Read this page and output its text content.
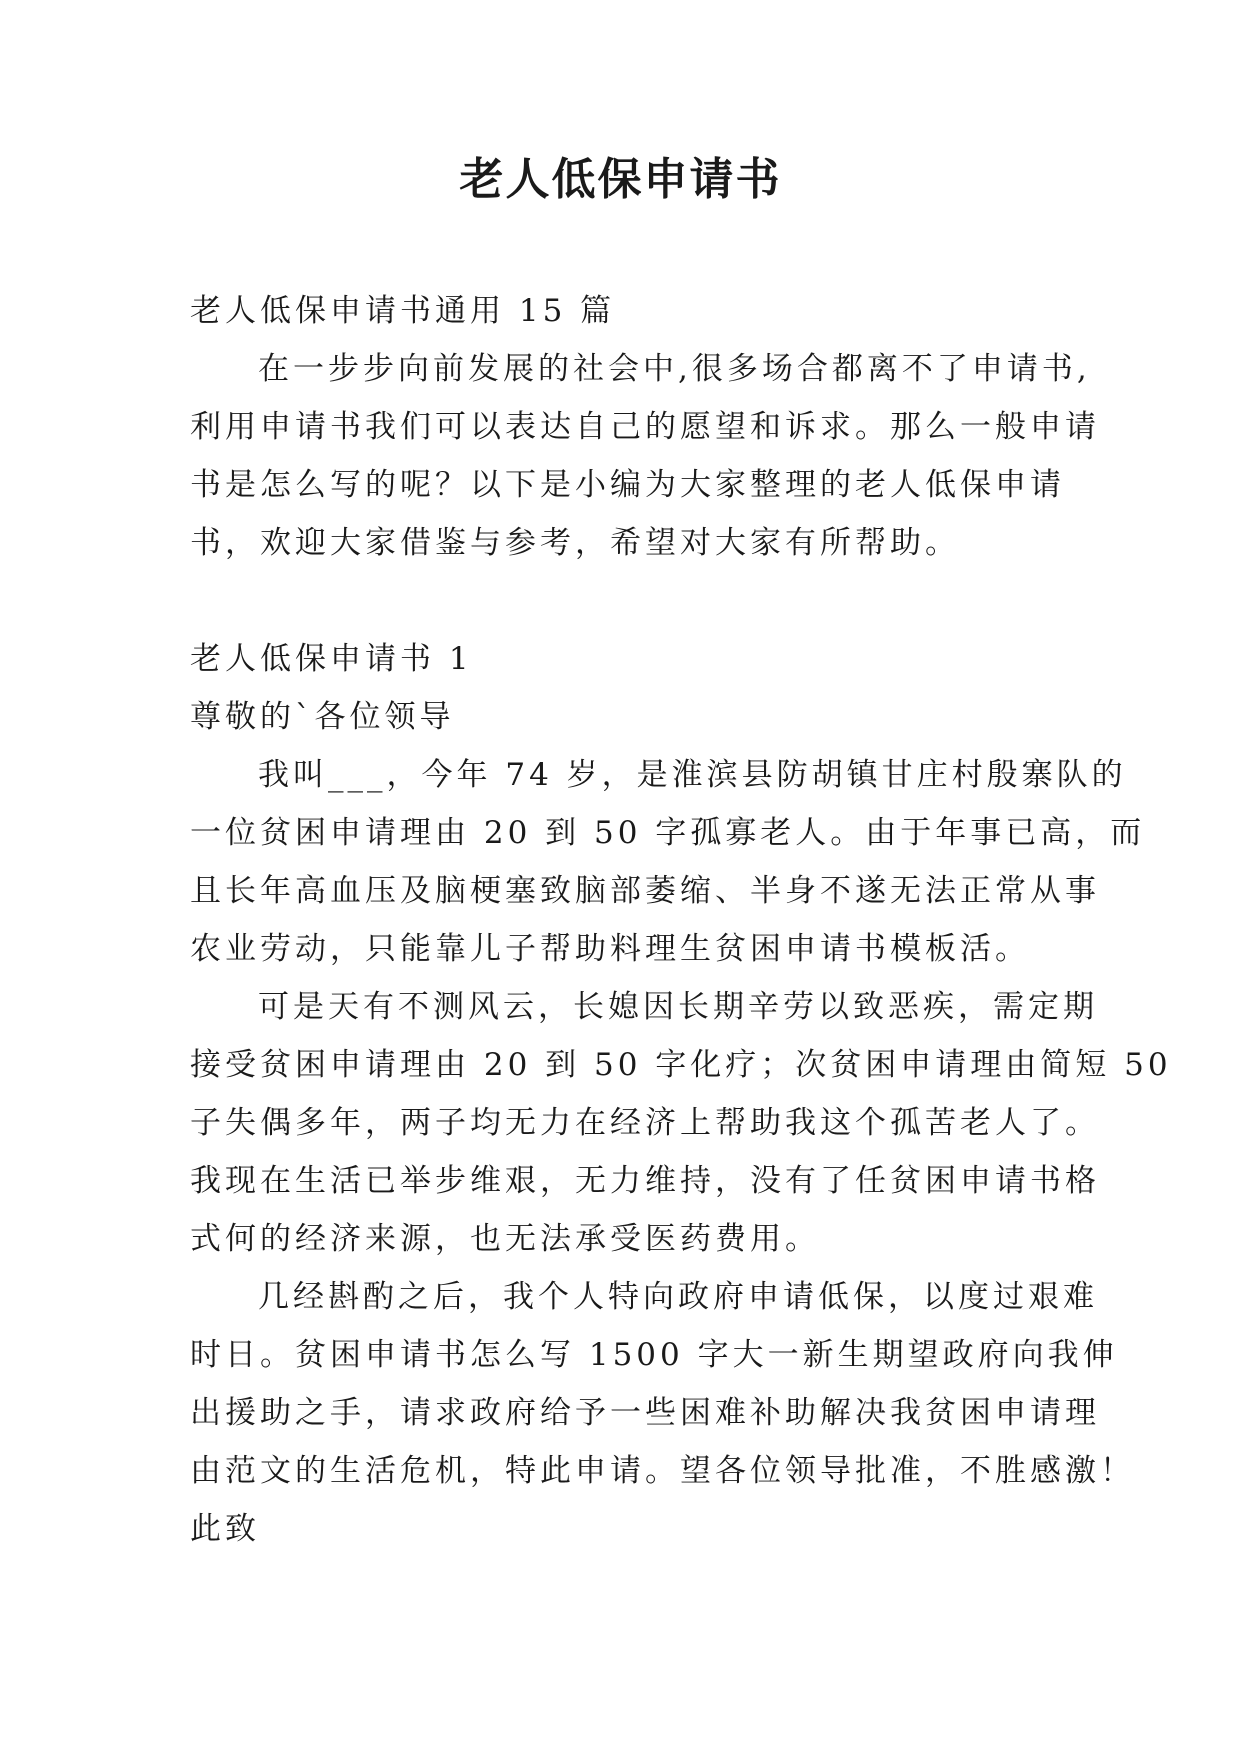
老人低保申请书

老人低保申请书通用 15 篇

在一步步向前发展的社会中,很多场合都离不了申请书,

利用申请书我们可以表达自己的愿望和诉求。那么一般申请

书是怎么写的呢？以下是小编为大家整理的老人低保申请

书，欢迎大家借鉴与参考，希望对大家有所帮助。

老人低保申请书 1

尊敬的`各位领导

我叫___，今年 74 岁，是淮滨县防胡镇甘庄村殷寨队的

一位贫困申请理由 20 到 50 字孤寡老人。由于年事已高，而

且长年高血压及脑梗塞致脑部萎缩、半身不遂无法正常从事

农业劳动，只能靠儿子帮助料理生贫困申请书模板活。

可是天有不测风云，长媳因长期辛劳以致恶疾，需定期

接受贫困申请理由 20 到 50 字化疗；次贫困申请理由简短 50

子失偶多年，两子均无力在经济上帮助我这个孤苦老人了。

我现在生活已举步维艰，无力维持，没有了任贫困申请书格

式何的经济来源，也无法承受医药费用。

几经斟酌之后，我个人特向政府申请低保，以度过艰难

时日。贫困申请书怎么写 1500 字大一新生期望政府向我伸

出援助之手，请求政府给予一些困难补助解决我贫困申请理

由范文的生活危机，特此申请。望各位领导批准，不胜感激！

此致
